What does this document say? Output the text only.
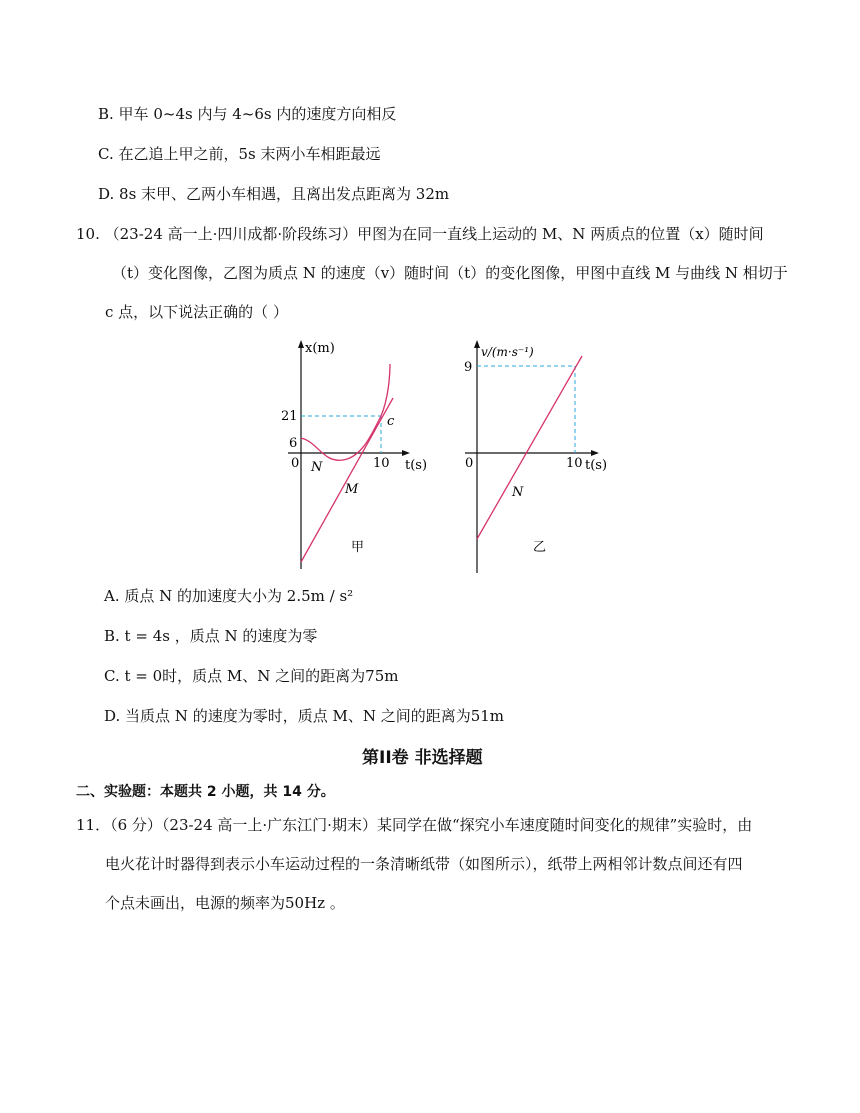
B. 甲车 0~4s 内与 4~6s 内的速度方向相反
C. 在乙追上甲之前，5s 末两小车相距最远
D. 8s 末甲、乙两小车相遇，且离出发点距离为 32m
10. （23-24 高一上·四川成都·阶段练习）甲图为在同一直线上运动的 M、N 两质点的位置（x）随时间
（t）变化图像，乙图为质点 N 的速度（v）随时间（t）的变化图像，甲图中直线 M 与曲线 N 相切于
c 点，以下说法正确的（ ）
x(m)
21
6
0 N	10 t(s)
c
M
甲
v/(m·s⁻¹)
9
0	10 t(s)
N
乙
A. 质点 N 的加速度大小为 2.5m / s²
B. t = 4s ，质点 N 的速度为零
C. t = 0时，质点 M、N 之间的距离为75m
D. 当质点 N 的速度为零时，质点 M、N 之间的距离为51m
第II卷 非选择题
二、实验题：本题共 2 小题，共 14 分。
11．（6 分）（23-24 高一上·广东江门·期末）某同学在做“探究小车速度随时间变化的规律”实验时，由
电火花计时器得到表示小车运动过程的一条清晰纸带（如图所示），纸带上两相邻计数点间还有四
个点未画出，电源的频率为50Hz 。
